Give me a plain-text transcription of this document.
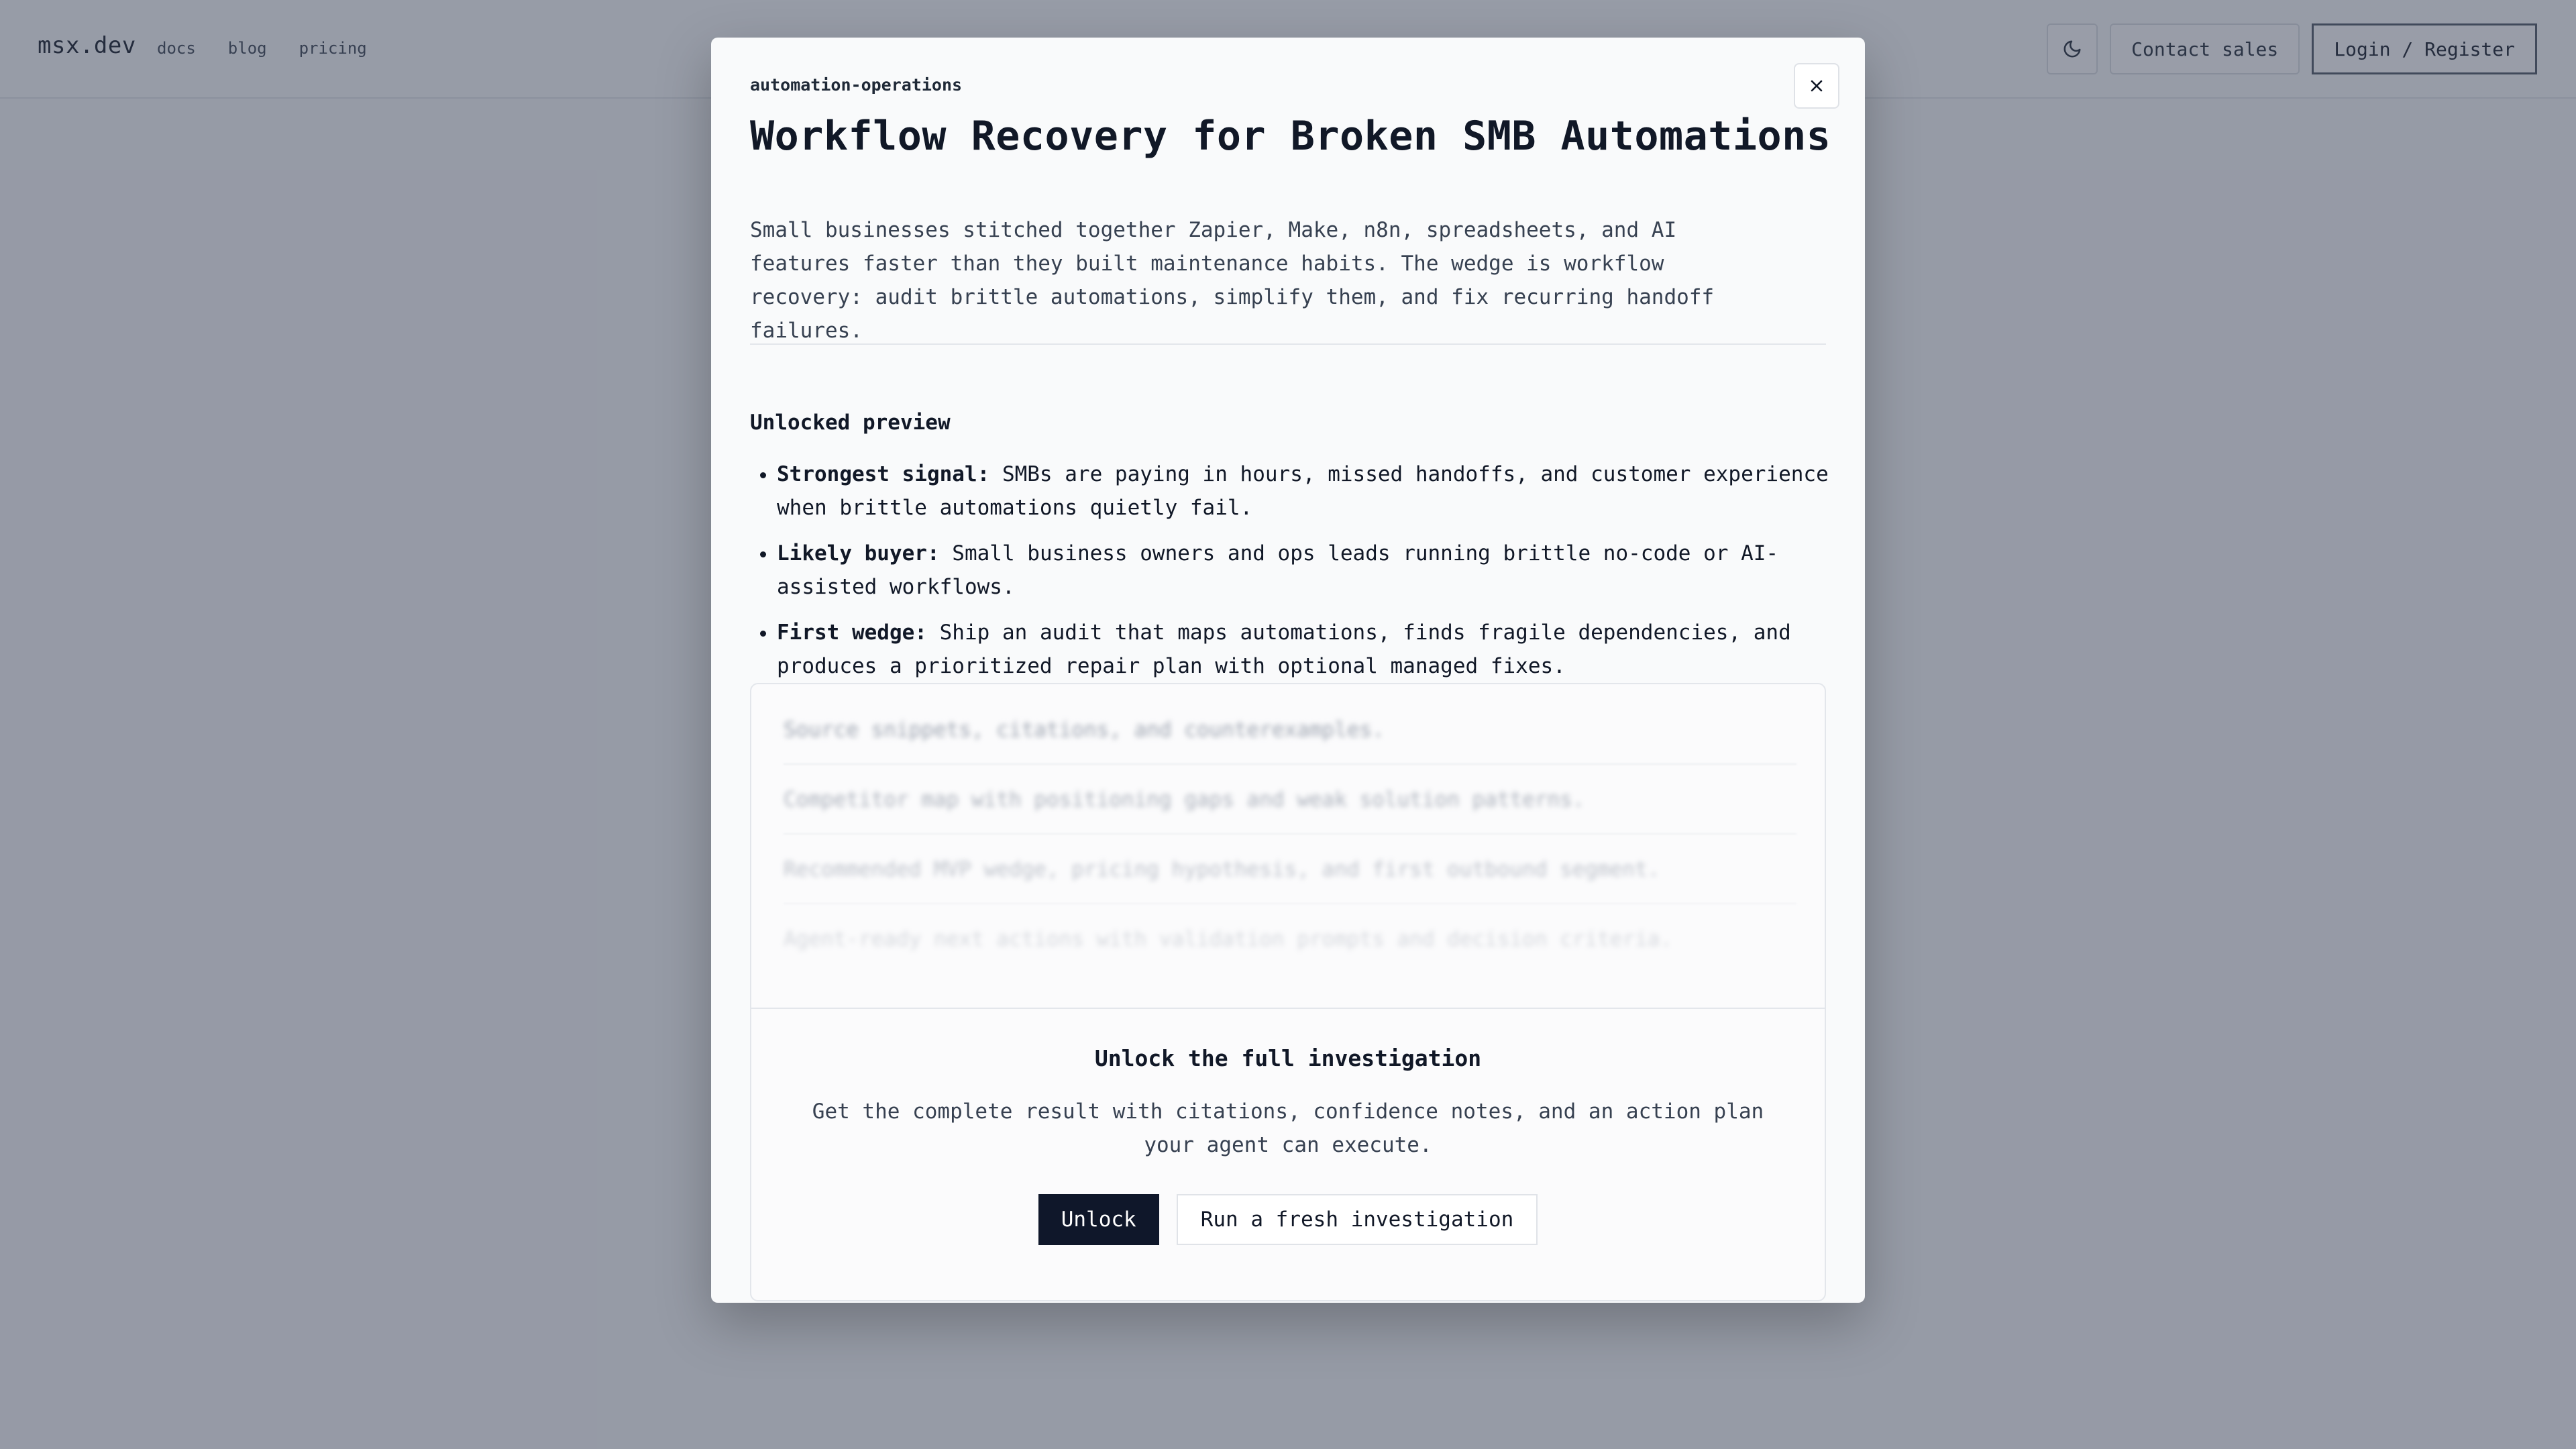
automation-operations

Workflow Recovery for Broken SMB Automations

Small businesses stitched together Zapier, Make, n8n, spreadsheets, and AI features faster than they built maintenance habits. The wedge is workflow recovery: audit brittle automations, simplify them, and fix recurring handoff failures.

Unlocked preview
• Strongest signal: SMBs are paying in hours, missed handoffs, and customer experience when brittle automations quietly fail.
• Likely buyer: Small business owners and ops leads running brittle no-code or AI-assisted workflows.
• First wedge: Ship an audit that maps automations, finds fragile dependencies, and produces a prioritized repair plan with optional managed fixes.
Source snippets, citations, and counterexamples.
Competitor map with positioning gaps and weak solution patterns.
Recommended MVP wedge, pricing hypothesis, and first outbound segment.
Agent-ready next actions with validation prompts and decision criteria.
Unlock the full investigation

Get the complete result with citations, confidence notes, and an action plan your agent can execute.

Unlock	Run a fresh investigation
